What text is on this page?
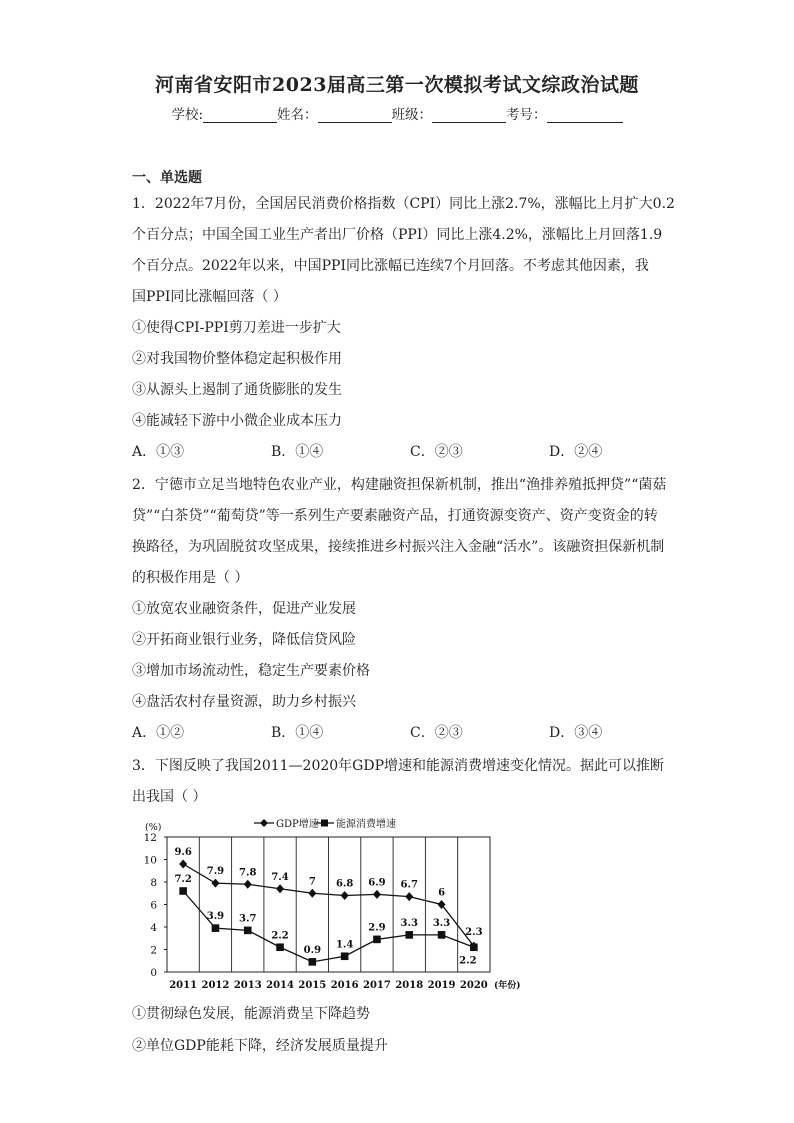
河南省安阳市2023届高三第一次模拟考试文综政治试题
学校:	姓名：	班级：	考号：
一、单选题
1．2022年7月份，全国居民消费价格指数（CPI）同比上涨2.7%，涨幅比上月扩大0.2
个百分点；中国全国工业生产者出厂价格（PPI）同比上涨4.2%，涨幅比上月回落1.9
个百分点。2022年以来，中国PPI同比涨幅已连续7个月回落。不考虑其他因素，我
国PPI同比涨幅回落（ ）
①使得CPI-PPI剪刀差进一步扩大
②对我国物价整体稳定起积极作用
③从源头上遏制了通货膨胀的发生
④能减轻下游中小微企业成本压力
A．①③	B．①④	C．②③	D．②④
2．宁德市立足当地特色农业产业，构建融资担保新机制，推出“渔排养殖抵押贷”“菌菇
贷”“白茶贷”“葡萄贷”等一系列生产要素融资产品，打通资源变资产、资产变资金的转
换路径，为巩固脱贫攻坚成果，接续推进乡村振兴注入金融“活水”。该融资担保新机制
的积极作用是（ ）
①放宽农业融资条件，促进产业发展
②开拓商业银行业务，降低信贷风险
③增加市场流动性，稳定生产要素价格
④盘活农村存量资源，助力乡村振兴
A．①②	B．①④	C．②③	D．③④
3．下图反映了我国2011—2020年GDP增速和能源消费增速变化情况。据此可以推断
出我国（ ）
0
2
4
6
8
10
12
(%)
2011 2012 2013 2014 2015 2016 2017 2018 2019 2020 (年份)
GDP增速 能源消费增速
9.6
7.9 7.8 7.4 7 6.8 6.9 6.7
6
2.3
7.2
3.9 3.7
2.2
0.9
1.4
2.9 3.3 3.3
2.2
①贯彻绿色发展，能源消费呈下降趋势
②单位GDP能耗下降，经济发展质量提升
